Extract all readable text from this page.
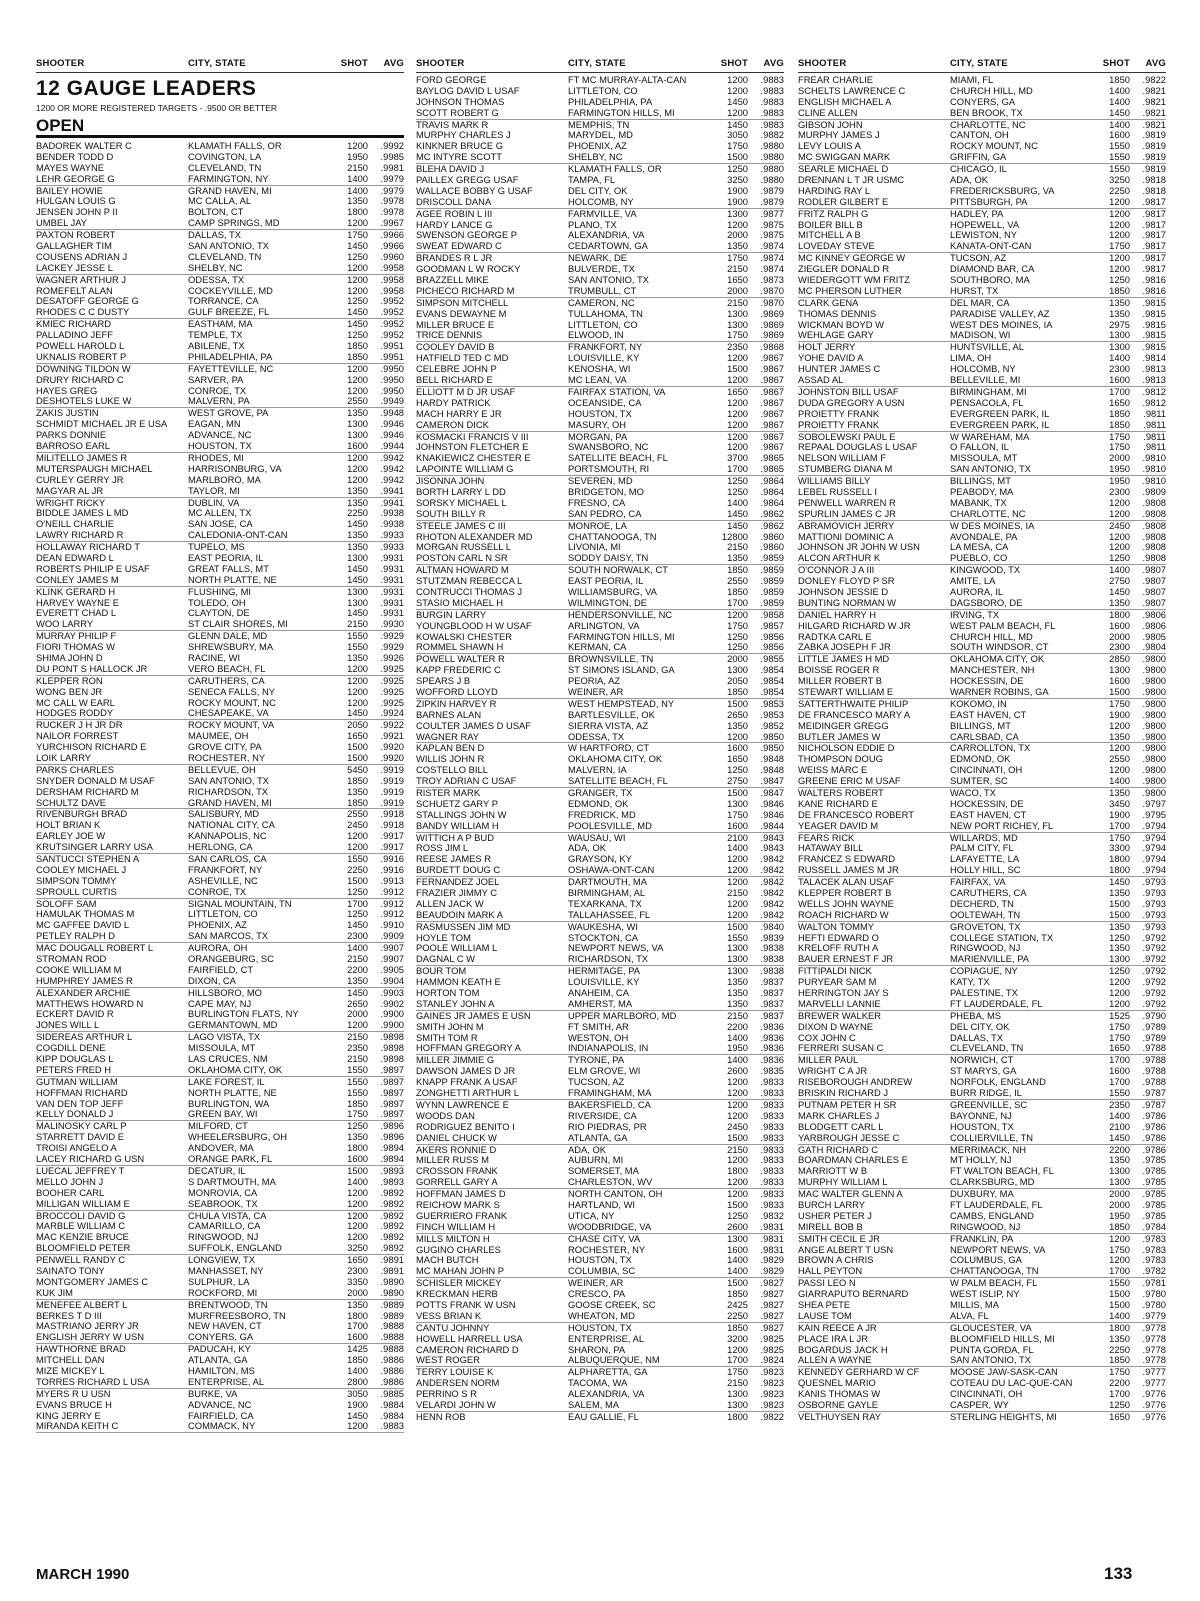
SHOOTER	CITY, STATE	SHOT	AVG
12 GAUGE LEADERS
1200 OR MORE REGISTERED TARGETS - .9500 OR BETTER
OPEN
BADOREK WALTER C	KLAMATH FALLS, OR	1200	.9992
BENDER TODD D	COVINGTON, LA	1950	.9985
MAYES WAYNE	CLEVELAND, TN	2150	.9981
LEHR GEORGE G	FARMINGTON, NY	1400	.9979
BAILEY HOWIE	GRAND HAVEN, MI	1400	.9979
HULGAN LOUIS G	MC CALLA, AL	1350	.9978
JENSEN JOHN P II	BOLTON, CT	1800	.9978
UMBEL JAY	CAMP SPRINGS, MD	1200	.9967
PAXTON ROBERT	DALLAS, TX	1750	.9966
GALLAGHER TIM	SAN ANTONIO, TX	1450	.9966
COUSENS ADRIAN J	CLEVELAND, TN	1250	.9960
LACKEY JESSE L	SHELBY, NC	1200	.9958
WAGNER ARTHUR J	ODESSA, TX	1200	.9958
ROMEFELT ALAN	COCKEYVILLE, MD	1200	.9958
DESATOFF GEORGE G	TORRANCE, CA	1250	.9952
RHODES C C DUSTY	GULF BREEZE, FL	1450	.9952
KMIEC RICHARD	EASTHAM, MA	1450	.9952
PALLADINO JEFF	TEMPLE, TX	1250	.9952
POWELL HAROLD L	ABILENE, TX	1850	.9951
UKNALIS ROBERT P	PHILADELPHIA, PA	1850	.9951
DOWNING TILDON W	FAYETTEVILLE, NC	1200	.9950
DRURY RICHARD C	SARVER, PA	1200	.9950
HAYES GREG	CONROE, TX	1200	.9950
DESHOTELS LUKE W	MALVERN, PA	2550	.9949
ZAKIS JUSTIN	WEST GROVE, PA	1350	.9948
SCHMIDT MICHAEL JR E USA	EAGAN, MN	1300	.9946
PARKS DONNIE	ADVANCE, NC	1300	.9946
BARROSO EARL	HOUSTON, TX	1600	.9944
MILITELLO JAMES R	RHODES, MI	1200	.9942
MUTERSPAUGH MICHAEL	HARRISONBURG, VA	1200	.9942
CURLEY GERRY JR	MARLBORO, MA	1200	.9942
MAGYAR AL JR	TAYLOR, MI	1350	.9941
WRIGHT RICKY	DUBLIN, VA	1350	.9941
BIDDLE JAMES L MD	MC ALLEN, TX	2250	.9938
O'NEILL CHARLIE	SAN JOSE, CA	1450	.9938
LAWRY RICHARD R	CALEDONIA-ONT-CAN	1350	.9933
HOLLAWAY RICHARD T	TUPELO, MS	1350	.9933
DEAN EDWARD L	EAST PEORIA, IL	1300	.9931
ROBERTS PHILIP E USAF	GREAT FALLS, MT	1450	.9931
CONLEY JAMES M	NORTH PLATTE, NE	1450	.9931
KLINK GERARD H	FLUSHING, MI	1300	.9931
HARVEY WAYNE E	TOLEDO, OH	1300	.9931
EVERETT CHAD L	CLAYTON, DE	1450	.9931
WOO LARRY	ST CLAIR SHORES, MI	2150	.9930
MURRAY PHILIP F	GLENN DALE, MD	1550	.9929
FIORI THOMAS W	SHREWSBURY, MA	1550	.9929
SHIMA JOHN D	RACINE, WI	1350	.9926
DU PONT S HALLOCK JR	VERO BEACH, FL	1200	.9925
KLEPPER RON	CARUTHERS, CA	1200	.9925
WONG BEN JR	SENECA FALLS, NY	1200	.9925
MC CALL W EARL	ROCKY MOUNT, NC	1200	.9925
HODGES RODDY	CHESAPEAKE, VA	1450	.9924
RUCKER J H JR DR	ROCKY MOUNT, VA	2050	.9922
NAILOR FORREST	MAUMEE, OH	1650	.9921
YURCHISON RICHARD E	GROVE CITY, PA	1500	.9920
LOIK LARRY	ROCHESTER, NY	1500	.9920
PARKS CHARLES	BELLEVUE, OH	5450	.9919
SNYDER DONALD M USAF	SAN ANTONIO, TX	1850	.9919
DERSHAM RICHARD M	RICHARDSON, TX	1350	.9919
SCHULTZ DAVE	GRAND HAVEN, MI	1850	.9919
RIVENBURGH BRAD	SALISBURY, MD	2550	.9918
HOLT BRIAN K	NATIONAL CITY, CA	2450	.9918
EARLEY JOE W	KANNAPOLIS, NC	1200	.9917
KRUTSINGER LARRY USA	HERLONG, CA	1200	.9917
SANTUCCI STEPHEN A	SAN CARLOS, CA	1550	.9916
COOLEY MICHAEL J	FRANKFORT, NY	2250	.9916
SIMPSON TOMMY	ASHEVILLE, NC	1500	.9913
SPROULL CURTIS	CONROE, TX	1250	.9912
SOLOFF SAM	SIGNAL MOUNTAIN, TN	1700	.9912
HAMULAK THOMAS M	LITTLETON, CO	1250	.9912
MC GAFFEE DAVID L	PHOENIX, AZ	1450	.9910
PETLEY RALPH D	SAN MARCOS, TX	2300	.9909
MAC DOUGALL ROBERT L	AURORA, OH	1400	.9907
STROMAN ROD	ORANGEBURG, SC	2150	.9907
COOKE WILLIAM M	FAIRFIELD, CT	2200	.9905
HUMPHREY JAMES R	DIXON, CA	1350	.9904
ALEXANDER ARCHIE	HILLSBORO, MO	1450	.9903
MATTHEWS HOWARD N	CAPE MAY, NJ	2650	.9902
ECKERT DAVID R	BURLINGTON FLATS, NY	2000	.9900
JONES WILL L	GERMANTOWN, MD	1200	.9900
SIDEREAS ARTHUR L	LAGO VISTA, TX	2150	.9898
COGDILL DENE	MISSOULA, MT	2350	.9898
KIPP DOUGLAS L	LAS CRUCES, NM	2150	.9898
PETERS FRED H	OKLAHOMA CITY, OK	1550	.9897
GUTMAN WILLIAM	LAKE FOREST, IL	1550	.9897
HOFFMAN RICHARD	NORTH PLATTE, NE	1550	.9897
VAN DEN TOP JEFF	BURLINGTON, WA	1850	.9897
KELLY DONALD J	GREEN BAY, WI	1750	.9897
MALINOSKY CARL P	MILFORD, CT	1250	.9896
STARRETT DAVID E	WHEELERSBURG, OH	1350	.9896
TROISI ANGELO A	ANDOVER, MA	1800	.9894
LACEY RICHARD G USN	ORANGE PARK, FL	1600	.9894
LUECAL JEFFREY T	DECATUR, IL	1500	.9893
MELLO JOHN J	S DARTMOUTH, MA	1400	.9893
BOOHER CARL	MONROVIA, CA	1200	.9892
MILLIGAN WILLIAM E	SEABROOK, TX	1200	.9892
BROCCOLI DAVID G	CHULA VISTA, CA	1200	.9892
MARBLE WILLIAM C	CAMARILLO, CA	1200	.9892
MAC KENZIE BRUCE	RINGWOOD, NJ	1200	.9892
BLOOMFIELD PETER	SUFFOLK, ENGLAND	3250	.9892
PENWELL RANDY C	LONGVIEW, TX	1650	.9891
SAINATO TONY	MANHASSET, NY	2300	.9891
MONTGOMERY JAMES C	SULPHUR, LA	3350	.9890
KUK JIM	ROCKFORD, MI	2000	.9890
MENEFEE ALBERT L	BRENTWOOD, TN	1350	.9889
BERKES T D III	MURFREESBORO, TN	1800	.9889
MASTRIANO JERRY JR	NEW HAVEN, CT	1700	.9888
ENGLISH JERRY W USN	CONYERS, GA	1600	.9888
HAWTHORNE BRAD	PADUCAH, KY	1425	.9888
MITCHELL DAN	ATLANTA, GA	1850	.9886
MIZE MICKEY L	HAMILTON, MS	1400	.9886
TORRES RICHARD L USA	ENTERPRISE, AL	2800	.9886
MYERS R U USN	BURKE, VA	3050	.9885
EVANS BRUCE H	ADVANCE, NC	1900	.9884
KING JERRY E	FAIRFIELD, CA	1450	.9884
MIRANDA KEITH C	COMMACK, NY	1200	.9883
SHOOTER	CITY, STATE	SHOT	AVG
FORD GEORGE	FT MC MURRAY-ALTA-CAN	1200	.9883
BAYLOG DAVID L USAF	LITTLETON, CO	1200	.9883
JOHNSON THOMAS	PHILADELPHIA, PA	1450	.9883
SCOTT ROBERT G	FARMINGTON HILLS, MI	1200	.9883
TRAVIS MARK R	MEMPHIS, TN	1450	.9883
MURPHY CHARLES J	MARYDEL, MD	3050	.9882
KINKNER BRUCE G	PHOENIX, AZ	1750	.9880
MC INTYRE SCOTT	SHELBY, NC	1500	.9880
BLEHA DAVID J	KLAMATH FALLS, OR	1250	.9880
PAILLEX GREGG USAF	TAMPA, FL	3250	.9880
WALLACE BOBBY G USAF	DEL CITY, OK	1900	.9879
DRISCOLL DANA	HOLCOMB, NY	1900	.9879
AGEE ROBIN L III	FARMVILLE, VA	1300	.9877
HARDY LANCE G	PLANO, TX	1200	.9875
SWENSON GEORGE P	ALEXANDRIA, VA	2000	.9875
SWEAT EDWARD C	CEDARTOWN, GA	1350	.9874
BRANDES R L JR	NEWARK, DE	1750	.9874
GOODMAN L W ROCKY	BULVERDE, TX	2150	.9874
BRAZZELL MIKE	SAN ANTONIO, TX	1650	.9873
PICHECO RICHARD M	TRUMBULL, CT	2000	.9870
SIMPSON MITCHELL	CAMERON, NC	2150	.9870
EVANS DEWAYNE M	TULLAHOMA, TN	1300	.9869
MILLER BRUCE E	LITTLETON, CO	1300	.9869
TRICE DENNIS	ELWOOD, IN	1750	.9869
COOLEY DAVID B	FRANKFORT, NY	2350	.9868
HATFIELD TED C MD	LOUISVILLE, KY	1200	.9867
CELEBRE JOHN P	KENOSHA, WI	1500	.9867
BELL RICHARD E	MC LEAN, VA	1200	.9867
ELLIOTT M D JR USAF	FAIRFAX STATION, VA	1650	.9867
HARDY PATRICK	OCEANSIDE, CA	1200	.9867
MACH HARRY E JR	HOUSTON, TX	1200	.9867
CAMERON DICK	MASURY, OH	1200	.9867
KOSMACKI FRANCIS V III	MORGAN, PA	1200	.9867
JOHNSTON FLETCHER E	SWANSBORO, NC	1200	.9867
KNAKIEWICZ CHESTER E	SATELLITE BEACH, FL	3700	.9865
LAPOINTE WILLIAM G	PORTSMOUTH, RI	1700	.9865
JISONNA JOHN	SEVEREN, MD	1250	.9864
BORTH LARRY L DD	BRIDGETON, MO	1250	.9864
SORSKY MICHAEL L	FRESNO, CA	1400	.9864
SOUTH BILLY R	SAN PEDRO, CA	1450	.9862
STEELE JAMES C III	MONROE, LA	1450	.9862
RHOTON ALEXANDER MD	CHATTANOOGA, TN	12800	.9860
MORGAN RUSSELL L	LIVONIA, MI	2150	.9860
POSTON CARL N SR	SODDY DAISY, TN	1350	.9859
ALTMAN HOWARD M	SOUTH NORWALK, CT	1850	.9859
STUTZMAN REBECCA L	EAST PEORIA, IL	2550	.9859
CONTRUCCI THOMAS J	WILLIAMSBURG, VA	1850	.9859
STASIO MICHAEL H	WILMINGTON, DE	1700	.9859
BURGIN LARRY	HENDERSONVILLE, NC	1200	.9858
YOUNGBLOOD H W USAF	ARLINGTON, VA	1750	.9857
KOWALSKI CHESTER	FARMINGTON HILLS, MI	1250	.9856
ROMMEL SHAWN H	KERMAN, CA	1250	.9856
POWELL WALTER R	BROWNSVILLE, TN	2000	.9855
KAPP FREDERIC C	ST SIMONS ISLAND, GA	1300	.9854
SPEARS J B	PEORIA, AZ	2050	.9854
WOFFORD LLOYD	WEINER, AR	1850	.9854
ZIPKIN HARVEY R	WEST HEMPSTEAD, NY	1500	.9853
BARNES ALAN	BARTLESVILLE, OK	2650	.9853
COULTER JAMES D USAF	SIERRA VISTA, AZ	1350	.9852
WAGNER RAY	ODESSA, TX	1200	.9850
KAPLAN BEN D	W HARTFORD, CT	1600	.9850
WILLIS JOHN R	OKLAHOMA CITY, OK	1650	.9848
COSTELLO BILL	MALVERN, IA	1250	.9848
TROY ADRIAN C USAF	SATELLITE BEACH, FL	2750	.9847
RISTER MARK	GRANGER, TX	1500	.9847
SCHUETZ GARY P	EDMOND, OK	1300	.9846
STALLINGS JOHN W	FREDRICK, MD	1750	.9846
BANDY WILLIAM H	POOLESVILLE, MD	1600	.9844
WITTICH A P BUD	WAUSAU, WI	2100	.9843
ROSS JIM L	ADA, OK	1400	.9843
REESE JAMES R	GRAYSON, KY	1200	.9842
BURDETT DOUG C	OSHAWA-ONT-CAN	1200	.9842
FERNANDEZ JOEL	DARTMOUTH, MA	1200	.9842
FRAZIER JIMMY C	BIRMINGHAM, AL	2150	.9842
ALLEN JACK W	TEXARKANA, TX	1200	.9842
BEAUDOIN MARK A	TALLAHASSEE, FL	1200	.9842
RASMUSSEN JIM MD	WAUKESHA, WI	1500	.9840
HOYLE TOM	STOCKTON, CA	1550	.9839
POOLE WILLIAM L	NEWPORT NEWS, VA	1300	.9838
DAGNAL C W	RICHARDSON, TX	1300	.9838
BOUR TOM	HERMITAGE, PA	1300	.9838
HAMMON KEATH E	LOUISVILLE, KY	1350	.9837
HORTON TOM	ANAHEIM, CA	1350	.9837
STANLEY JOHN A	AMHERST, MA	1350	.9837
GAINES JR JAMES E USN	UPPER MARLBORO, MD	2150	.9837
SMITH JOHN M	FT SMITH, AR	2200	.9836
SMITH TOM R	WESTON, OH	1400	.9836
HOFFMAN GREGORY A	INDIANAPOLIS, IN	1950	.9836
MILLER JIMMIE G	TYRONE, PA	1400	.9836
DAWSON JAMES D JR	ELM GROVE, WI	2600	.9835
KNAPP FRANK A USAF	TUCSON, AZ	1200	.9833
ZONGHETTI ARTHUR L	FRAMINGHAM, MA	1200	.9833
WYNN LAWRENCE E	BAKERSFIELD, CA	1200	.9833
WOODS DAN	RIVERSIDE, CA	1200	.9833
RODRIGUEZ BENITO I	RIO PIEDRAS, PR	2450	.9833
DANIEL CHUCK W	ATLANTA, GA	1500	.9833
AKERS RONNIE D	ADA, OK	2150	.9833
MILLER RUSS M	AUBURN, MI	1200	.9833
CROSSON FRANK	SOMERSET, MA	1800	.9833
GORRELL GARY A	CHARLESTON, WV	1200	.9833
HOFFMAN JAMES D	NORTH CANTON, OH	1200	.9833
REICHOW MARK S	HARTLAND, WI	1500	.9833
GUERRIERO FRANK	UTICA, NY	1250	.9832
FINCH WILLIAM H	WOODBRIDGE, VA	2600	.9831
MILLS MILTON H	CHASE CITY, VA	1300	.9831
GUGINO CHARLES	ROCHESTER, NY	1600	.9831
MACH BUTCH	HOUSTON, TX	1400	.9829
MC MAHAN JOHN P	COLUMBIA, SC	1400	.9829
SCHISLER MICKEY	WEINER, AR	1500	.9827
KRECKMAN HERB	CRESCO, PA	1850	.9827
POTTS FRANK W USN	GOOSE CREEK, SC	2425	.9827
VESS BRIAN K	WHEATON, MD	2250	.9827
CANTU JOHNNY	HOUSTON, TX	1850	.9827
HOWELL HARRELL USA	ENTERPRISE, AL	3200	.9825
CAMERON RICHARD D	SHARON, PA	1200	.9825
WEST ROGER	ALBUQUERQUE, NM	1700	.9824
TERRY LOUISE K	ALPHARETTA, GA	1750	.9823
ANDERSEN NORM	TACOMA, WA	2150	.9823
PERRINO S R	ALEXANDRIA, VA	1300	.9823
VELARDI JOHN W	SALEM, MA	1300	.9823
HENN ROB	EAU GALLIE, FL	1800	.9822
SHOOTER	CITY, STATE	SHOT	AVG
FREAR CHARLIE	MIAMI, FL	1850	.9822
SCHELTS LAWRENCE C	CHURCH HILL, MD	1400	.9821
ENGLISH MICHAEL A	CONYERS, GA	1400	.9821
CLINE ALLEN	BEN BROOK, TX	1450	.9821
GIBSON JOHN	CHARLOTTE, NC	1400	.9821
MURPHY JAMES J	CANTON, OH	1600	.9819
LEVY LOUIS A	ROCKY MOUNT, NC	1550	.9819
MC SWIGGAN MARK	GRIFFIN, GA	1550	.9819
SEARLE MICHAEL D	CHICAGO, IL	1550	.9819
DRENNAN L T JR USMC	ADA, OK	3250	.9818
HARDING RAY L	FREDERICKSBURG, VA	2250	.9818
RODLER GILBERT E	PITTSBURGH, PA	1200	.9817
FRITZ RALPH G	HADLEY, PA	1200	.9817
BOILER BILL B	HOPEWELL, VA	1200	.9817
MITCHELL A B	LEWISTON, NY	1200	.9817
LOVEDAY STEVE	KANATA-ONT-CAN	1750	.9817
MC KINNEY GEORGE W	TUCSON, AZ	1200	.9817
ZIEGLER DONALD R	DIAMOND BAR, CA	1200	.9817
WIEDERGOTT WM FRITZ	SOUTHBORO, MA	1250	.9816
MC PHERSON LUTHER	HURST, TX	1850	.9816
CLARK GENA	DEL MAR, CA	1350	.9815
THOMAS DENNIS	PARADISE VALLEY, AZ	1350	.9815
WICKMAN BOYD W	WEST DES MOINES, IA	2975	.9815
WEHLAGE GARY	MADISON, WI	1300	.9815
HOLT JERRY	HUNTSVILLE, AL	1300	.9815
YOHE DAVID A	LIMA, OH	1400	.9814
HUNTER JAMES C	HOLCOMB, NY	2300	.9813
ASSAD AL	BELLEVILLE, MI	1600	.9813
JOHNSTON BILL USAF	BIRMINGHAM, MI	1700	.9812
DUDA GREGORY A USN	PENSACOLA, FL	1650	.9812
PROIETTY FRANK	EVERGREEN PARK, IL	1850	.9811
PROIETTY FRANK	EVERGREEN PARK, IL	1850	.9811
SOBOLEWSKI PAUL E	W WAREHAM, MA	1750	.9811
REPAAL DOUGLAS L USAF	O FALLON, IL	1750	.9811
NELSON WILLIAM F	MISSOULA, MT	2000	.9810
STUMBERG DIANA M	SAN ANTONIO, TX	1950	.9810
WILLIAMS BILLY	BILLINGS, MT	1950	.9810
LEBEL RUSSELL I	PEABODY, MA	2300	.9809
PENWELL WARREN R	MABANK, TX	1200	.9808
SPURLIN JAMES C JR	CHARLOTTE, NC	1200	.9808
ABRAMOVICH JERRY	W DES MOINES, IA	2450	.9808
MATTIONI DOMINIC A	AVONDALE, PA	1200	.9808
JOHNSON JR JOHN W USN	LA MESA, CA	1200	.9808
ALCON ARTHUR K	PUEBLO, CO	1250	.9808
O'CONNOR J A III	KINGWOOD, TX	1400	.9807
DONLEY FLOYD P SR	AMITE, LA	2750	.9807
JOHNSON JESSIE D	AURORA, IL	1450	.9807
BUNTING NORMAN W	DAGSBORO, DE	1350	.9807
DANIEL HARRY H	IRVING, TX	1800	.9806
HILGARD RICHARD W JR	WEST PALM BEACH, FL	1600	.9806
RADTKA CARL E	CHURCH HILL, MD	2000	.9805
ZABKA JOSEPH F JR	SOUTH WINDSOR, CT	2300	.9804
LITTLE JAMES H MD	OKLAHOMA CITY, OK	2850	.9800
BOISSE ROGER R	MANCHESTER, NH	1300	.9800
MILLER ROBERT B	HOCKESSIN, DE	1600	.9800
STEWART WILLIAM E	WARNER ROBINS, GA	1500	.9800
SATTERTHWAITE PHILIP	KOKOMO, IN	1750	.9800
DE FRANCESCO MARY A	EAST HAVEN, CT	1900	.9800
MEIDINGER GREGG	BILLINGS, MT	1200	.9800
BUTLER JAMES W	CARLSBAD, CA	1350	.9800
NICHOLSON EDDIE D	CARROLLTON, TX	1200	.9800
THOMPSON DOUG	EDMOND, OK	2550	.9800
WEISS MARC E	CINCINNATI, OH	1200	.9800
GREENE ERIC M USAF	SUMTER, SC	1400	.9800
WALTERS ROBERT	WACO, TX	1350	.9800
KANE RICHARD E	HOCKESSIN, DE	3450	.9797
DE FRANCESCO ROBERT	EAST HAVEN, CT	1900	.9795
YEAGER DAVID M	NEW PORT RICHEY, FL	1700	.9794
FEARS RICK	WILLARDS, MD	1750	.9794
HATAWAY BILL	PALM CITY, FL	3300	.9794
FRANCEZ S EDWARD	LAFAYETTE, LA	1800	.9794
RUSSELL JAMES M JR	HOLLY HILL, SC	1800	.9794
TALACEK ALAN USAF	FAIRFAX, VA	1450	.9793
KLEPPER ROBERT B	CARUTHERS, CA	1350	.9793
WELLS JOHN WAYNE	DECHERD, TN	1500	.9793
ROACH RICHARD W	OOLTEWAH, TN	1500	.9793
WALTON TOMMY	GROVETON, TX	1350	.9793
HEFTI EDWARD O	COLLEGE STATION, TX	1250	.9792
KRELOFF RUTH A	RINGWOOD, NJ	1350	.9792
BAUER ERNEST F JR	MARIENVILLE, PA	1300	.9792
FITTIPALDI NICK	COPIAGUE, NY	1250	.9792
PURYEAR SAM M	KATY, TX	1200	.9792
HERRINGTON JAY S	PALESTINE, TX	1200	.9792
MARVELLI LANNIE	FT LAUDERDALE, FL	1200	.9792
BREWER WALKER	PHEBA, MS	1525	.9790
DIXON D WAYNE	DEL CITY, OK	1750	.9789
COX JOHN C	DALLAS, TX	1750	.9789
FERRERI SUSAN C	CLEVELAND, TN	1650	.9788
MILLER PAUL	NORWICH, CT	1700	.9788
WRIGHT C A JR	ST MARYS, GA	1600	.9788
RISEBOROUGH ANDREW	NORFOLK, ENGLAND	1700	.9788
BRISKIN RICHARD J	BURR RIDGE, IL	1550	.9787
PUTNAM PETER H SR	GREENVILLE, SC	2350	.9787
MARK CHARLES J	BAYONNE, NJ	1400	.9786
BLODGETT CARL L	HOUSTON, TX	2100	.9786
YARBROUGH JESSE C	COLLIERVILLE, TN	1450	.9786
GATH RICHARD C	MERRIMACK, NH	2200	.9786
BOARDMAN CHARLES E	MT HOLLY, NJ	1350	.9785
MARRIOTT W B	FT WALTON BEACH, FL	1300	.9785
MURPHY WILLIAM L	CLARKSBURG, MD	1300	.9785
MAC WALTER GLENN A	DUXBURY, MA	2000	.9785
BURCH LARRY	FT LAUDERDALE, FL	2000	.9785
USHER PETER J	CAMBS, ENGLAND	1950	.9785
MIRELL BOB B	RINGWOOD, NJ	1850	.9784
SMITH CECIL E JR	FRANKLIN, PA	1200	.9783
ANGE ALBERT T USN	NEWPORT NEWS, VA	1750	.9783
BROWN A CHRIS	COLUMBUS, GA	1200	.9783
HALL PEYTON	CHATTANOOGA, TN	1700	.9782
PASSI LEO N	W PALM BEACH, FL	1550	.9781
GIARRAPUTO BERNARD	WEST ISLIP, NY	1500	.9780
SHEA PETE	MILLIS, MA	1500	.9780
LAUSE TOM	ALVA, FL	1400	.9779
KAIN REECE A JR	GLOUCESTER, VA	1800	.9778
PLACE IRA L JR	BLOOMFIELD HILLS, MI	1350	.9778
BOGARDUS JACK H	PUNTA GORDA, FL	2250	.9778
ALLEN A WAYNE	SAN ANTONIO, TX	1850	.9778
KENNEDY GERHARD W CF	MOOSE JAW-SASK-CAN	1750	.9777
QUESNEL MARIO	COTEAU DU LAC-QUE-CAN	2200	.9777
KANIS THOMAS W	CINCINNATI, OH	1700	.9776
OSBORNE GAYLE	CASPER, WY	1250	.9776
VELTHUYSEN RAY	STERLING HEIGHTS, MI	1650	.9776
MARCH 1990	133
